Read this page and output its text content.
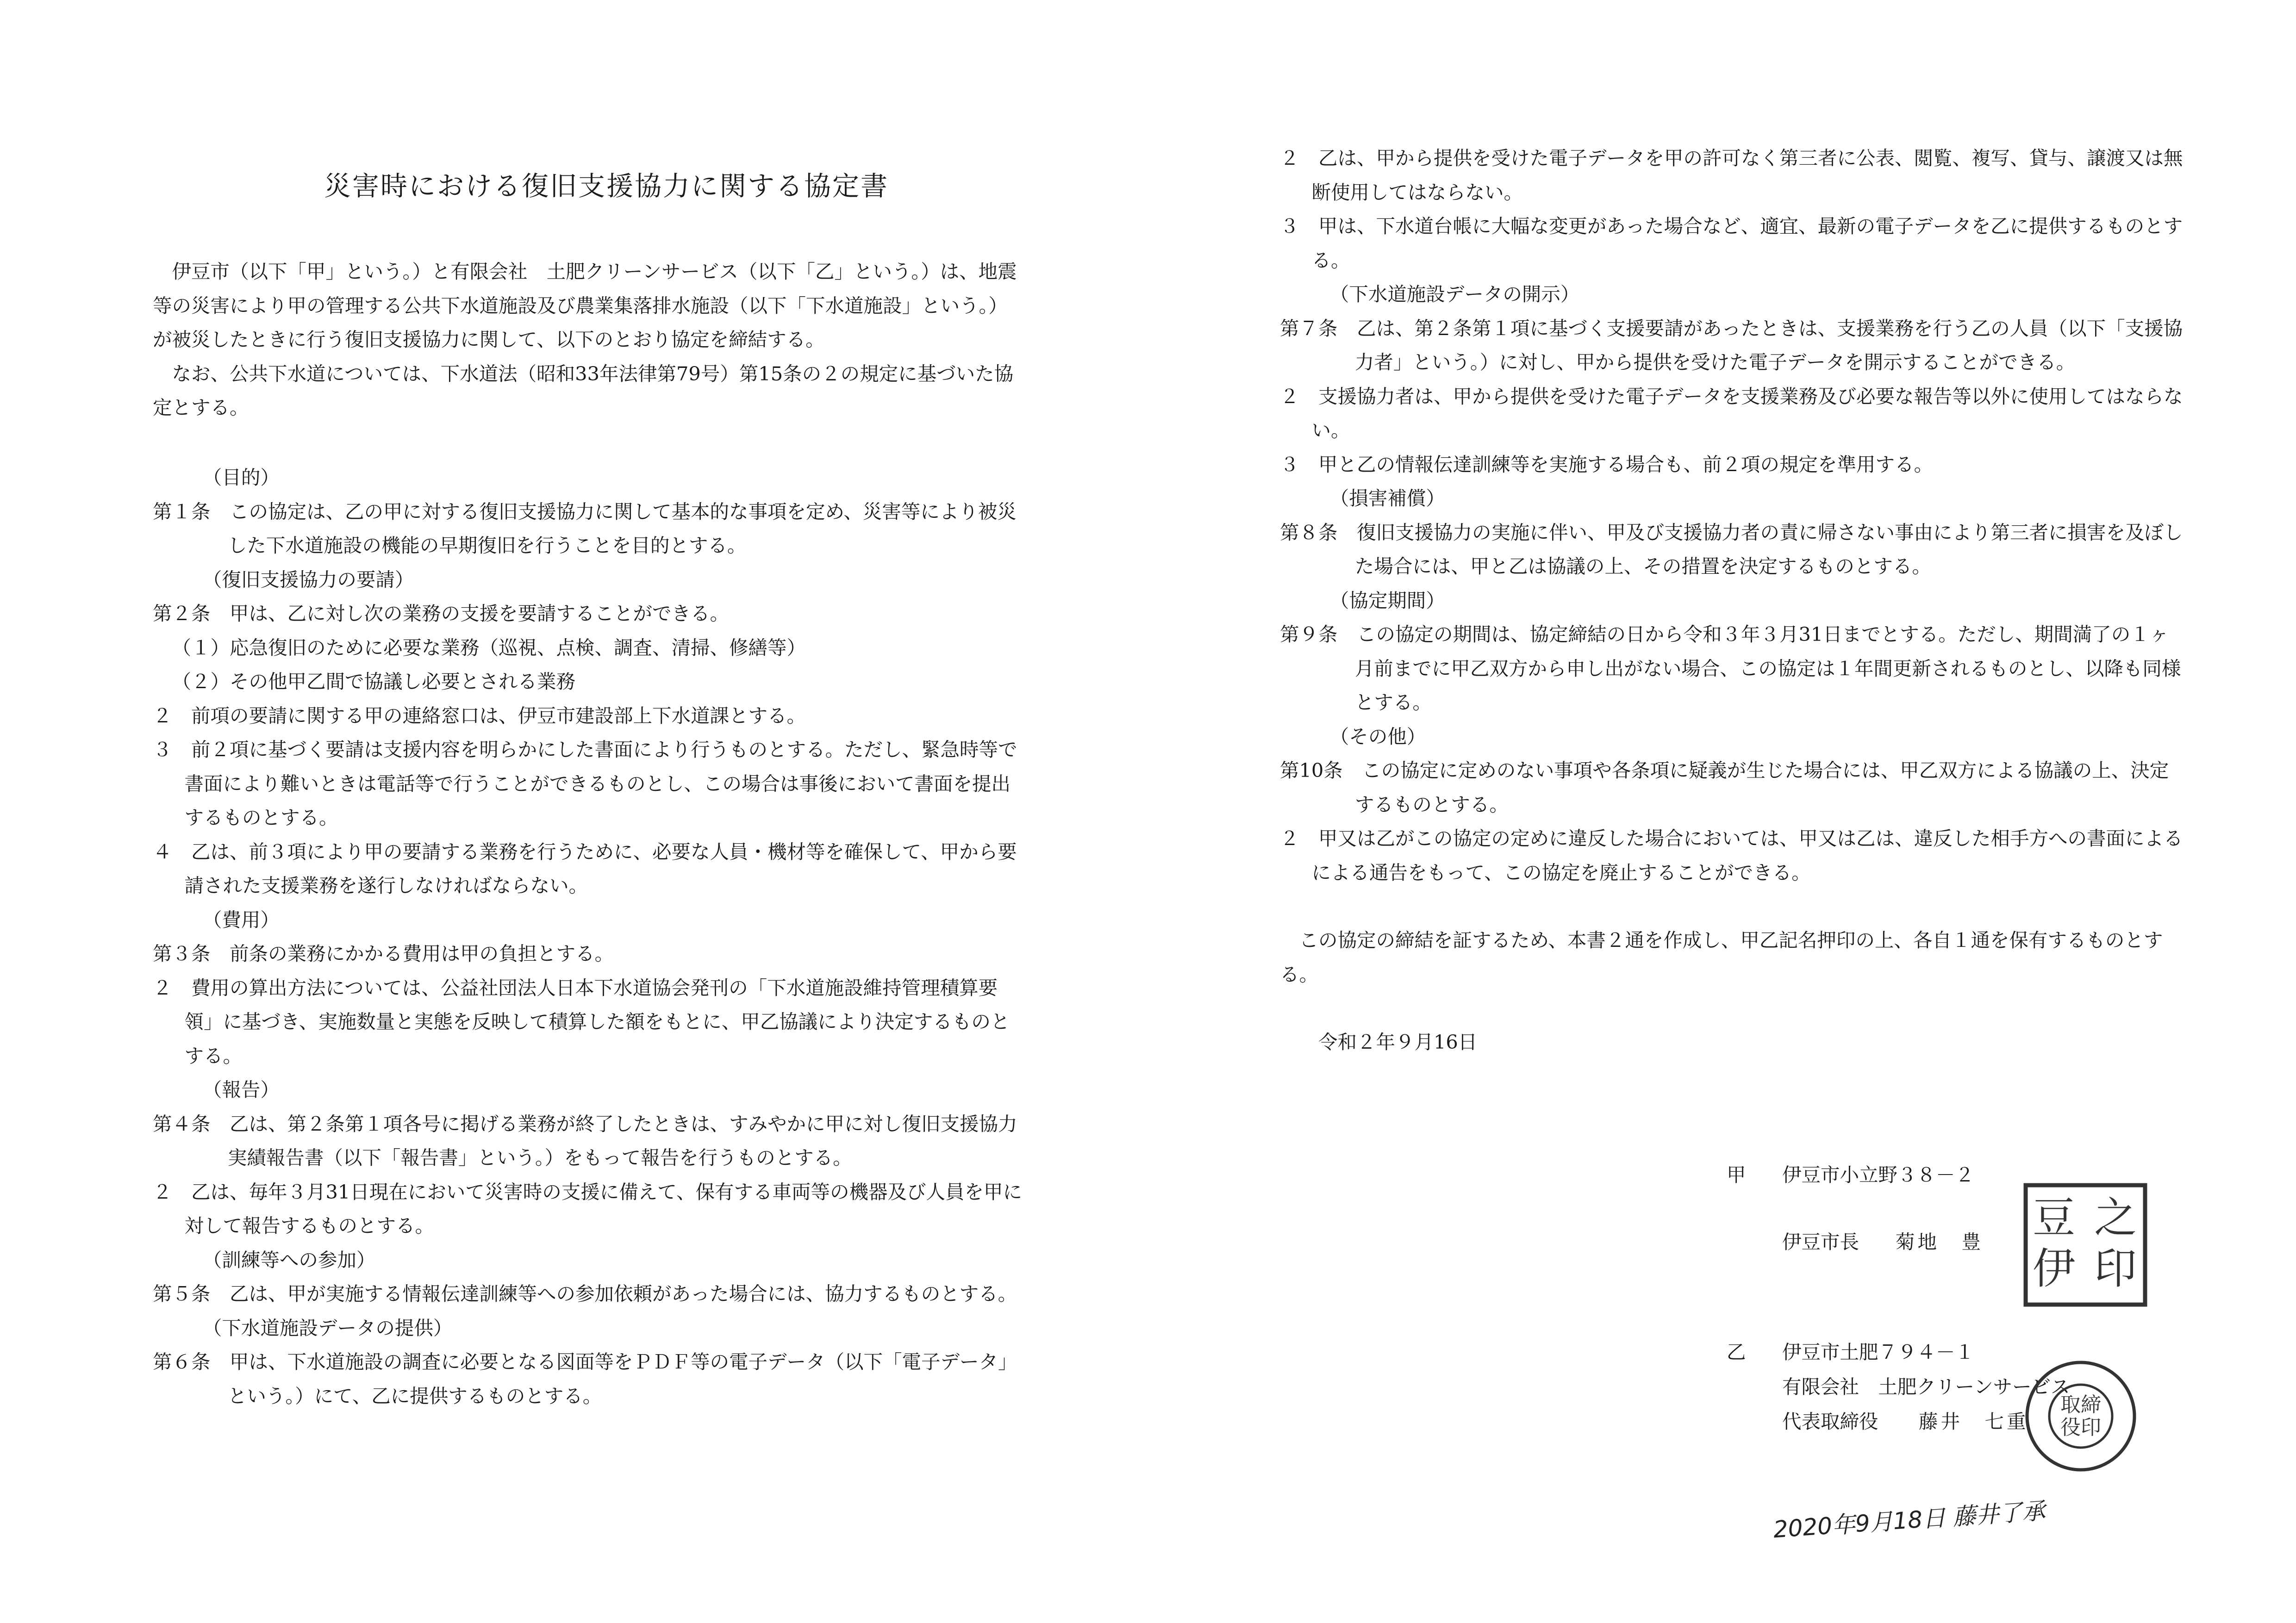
災害時における復旧支援協力に関する協定書

伊豆市（以下「甲」という。）と有限会社　土肥クリーンサービス（以下「乙」という。）は、地震等の災害により甲の管理する公共下水道施設及び農業集落排水施設（以下「下水道施設」という。）が被災したときに行う復旧支援協力に関して、以下のとおり協定を締結する。

なお、公共下水道については、下水道法（昭和33年法律第79号）第15条の２の規定に基づいた協定とする。

（目的）

第１条　この協定は、乙の甲に対する復旧支援協力に関して基本的な事項を定め、災害等により被災した下水道施設の機能の早期復旧を行うことを目的とする。

（復旧支援協力の要請）

第２条　甲は、乙に対し次の業務の支援を要請することができる。

（１）応急復旧のために必要な業務（巡視、点検、調査、清掃、修繕等）

（２）その他甲乙間で協議し必要とされる業務

２　前項の要請に関する甲の連絡窓口は、伊豆市建設部上下水道課とする。

３　前２項に基づく要請は支援内容を明らかにした書面により行うものとする。ただし、緊急時等で書面により難いときは電話等で行うことができるものとし、この場合は事後において書面を提出するものとする。

４　乙は、前３項により甲の要請する業務を行うために、必要な人員・機材等を確保して、甲から要請された支援業務を遂行しなければならない。

（費用）

第３条　前条の業務にかかる費用は甲の負担とする。

２　費用の算出方法については、公益社団法人日本下水道協会発刊の「下水道施設維持管理積算要領」に基づき、実施数量と実態を反映して積算した額をもとに、甲乙協議により決定するものとする。

（報告）

第４条　乙は、第２条第１項各号に掲げる業務が終了したときは、すみやかに甲に対し復旧支援協力実績報告書（以下「報告書」という。）をもって報告を行うものとする。

２　乙は、毎年３月31日現在において災害時の支援に備えて、保有する車両等の機器及び人員を甲に対して報告するものとする。

（訓練等への参加）

第５条　乙は、甲が実施する情報伝達訓練等への参加依頼があった場合には、協力するものとする。

（下水道施設データの提供）

第６条　甲は、下水道施設の調査に必要となる図面等をＰＤＦ等の電子データ（以下「電子データ」という。）にて、乙に提供するものとする。

２　乙は、甲から提供を受けた電子データを甲の許可なく第三者に公表、閲覧、複写、貸与、譲渡又は無断使用してはならない。

３　甲は、下水道台帳に大幅な変更があった場合など、適宜、最新の電子データを乙に提供するものとする。

（下水道施設データの開示）

第７条　乙は、第２条第１項に基づく支援要請があったときは、支援業務を行う乙の人員（以下「支援協力者」という。）に対し、甲から提供を受けた電子データを開示することができる。

２　支援協力者は、甲から提供を受けた電子データを支援業務及び必要な報告等以外に使用してはならない。

３　甲と乙の情報伝達訓練等を実施する場合も、前２項の規定を準用する。

（損害補償）

第８条　復旧支援協力の実施に伴い、甲及び支援協力者の責に帰さない事由により第三者に損害を及ぼした場合には、甲と乙は協議の上、その措置を決定するものとする。

（協定期間）

第９条　この協定の期間は、協定締結の日から令和３年３月31日までとする。ただし、期間満了の１ヶ月前までに甲乙双方から申し出がない場合、この協定は１年間更新されるものとし、以降も同様とする。

（その他）

第10条　この協定に定めのない事項や各条項に疑義が生じた場合には、甲乙双方による協議の上、決定するものとする。

２　甲又は乙がこの協定の定めに違反した場合においては、甲又は乙は、違反した相手方への書面によるによる通告をもって、この協定を廃止することができる。

この協定の締結を証するため、本書２通を作成し、甲乙記名押印の上、各自１通を保有するものとする。

令和２年９月16日

甲 伊豆市小立野３８－２
伊豆市長 菊地　豊 豆
伊
之
印
乙 伊豆市土肥７９４－１
有限会社　土肥クリーンサービス
代表取締役 藤井　七重
取締
役印
2020年9月18日 藤井了承
